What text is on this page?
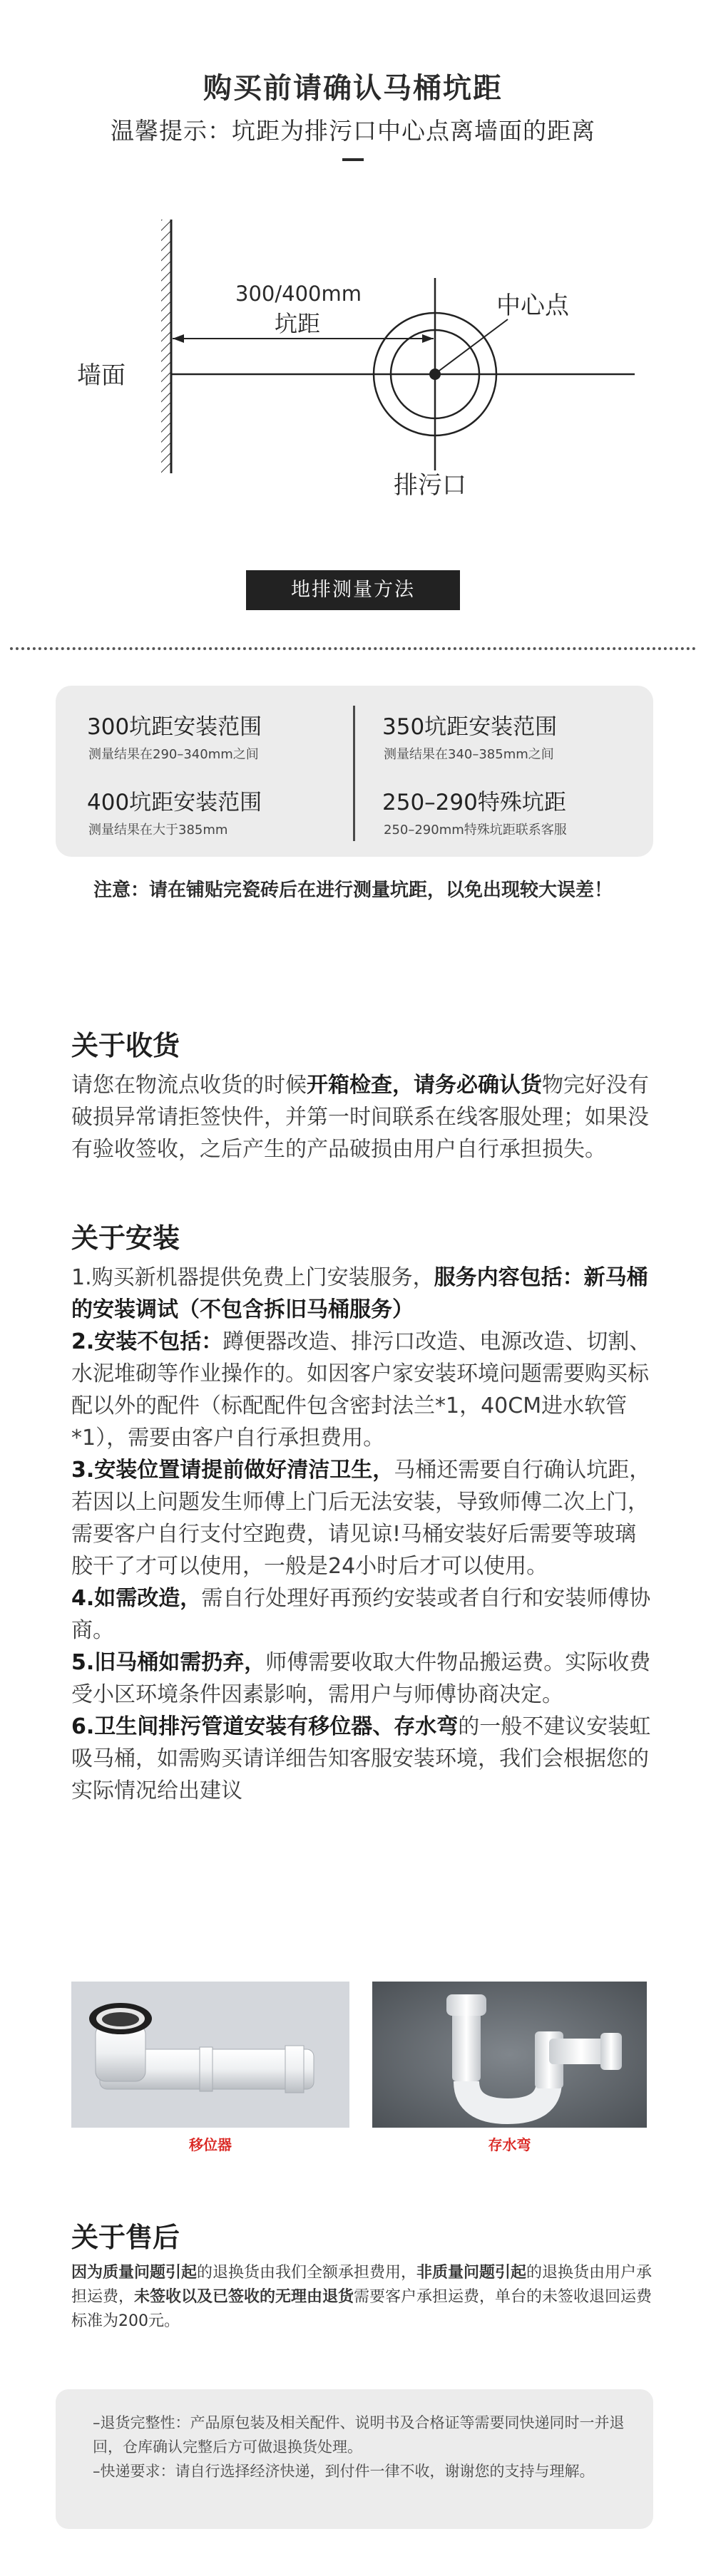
购买前请确认马桶坑距
温馨提示：坑距为排污口中心点离墙面的距离
墙面
300/400mm
坑距
中心点
排污口
地排测量方法
300坑距安装范围
测量结果在290–340mm之间
350坑距安装范围
测量结果在340–385mm之间
400坑距安装范围
测量结果在大于385mm
250–290特殊坑距
250–290mm特殊坑距联系客服
注意：请在铺贴完瓷砖后在进行测量坑距，以免出现较大误差！
关于收货
请您在物流点收货的时候开箱检查，请务必确认货物完好没有破损异常请拒签快件，并第一时间联系在线客服处理；如果没有验收签收，之后产生的产品破损由用户自行承担损失。
关于安装
1.购买新机器提供免费上门安装服务，服务内容包括：新马桶的安装调试（不包含拆旧马桶服务）
2.安装不包括：蹲便器改造、排污口改造、电源改造、切割、水泥堆砌等作业操作的。如因客户家安装环境问题需要购买标配以外的配件（标配配件包含密封法兰*1，40CM进水软管*1），需要由客户自行承担费用。
3.安装位置请提前做好清洁卫生，马桶还需要自行确认坑距，若因以上问题发生师傅上门后无法安装，导致师傅二次上门，需要客户自行支付空跑费，请见谅!马桶安装好后需要等玻璃胶干了才可以使用，一般是24小时后才可以使用。
4.如需改造，需自行处理好再预约安装或者自行和安装师傅协商。
5.旧马桶如需扔弃，师傅需要收取大件物品搬运费。实际收费受小区环境条件因素影响，需用户与师傅协商决定。
6.卫生间排污管道安装有移位器、存水弯的一般不建议安装虹吸马桶，如需购买请详细告知客服安装环境，我们会根据您的实际情况给出建议
移位器	存水弯
关于售后
因为质量问题引起的退换货由我们全额承担费用，非质量问题引起的退换货由用户承担运费，未签收以及已签收的无理由退货需要客户承担运费，单台的未签收退回运费标准为200元。
–退货完整性：产品原包装及相关配件、说明书及合格证等需要同快递同时一并退回，仓库确认完整后方可做退换货处理。
–快递要求：请自行选择经济快递，到付件一律不收，谢谢您的支持与理解。
